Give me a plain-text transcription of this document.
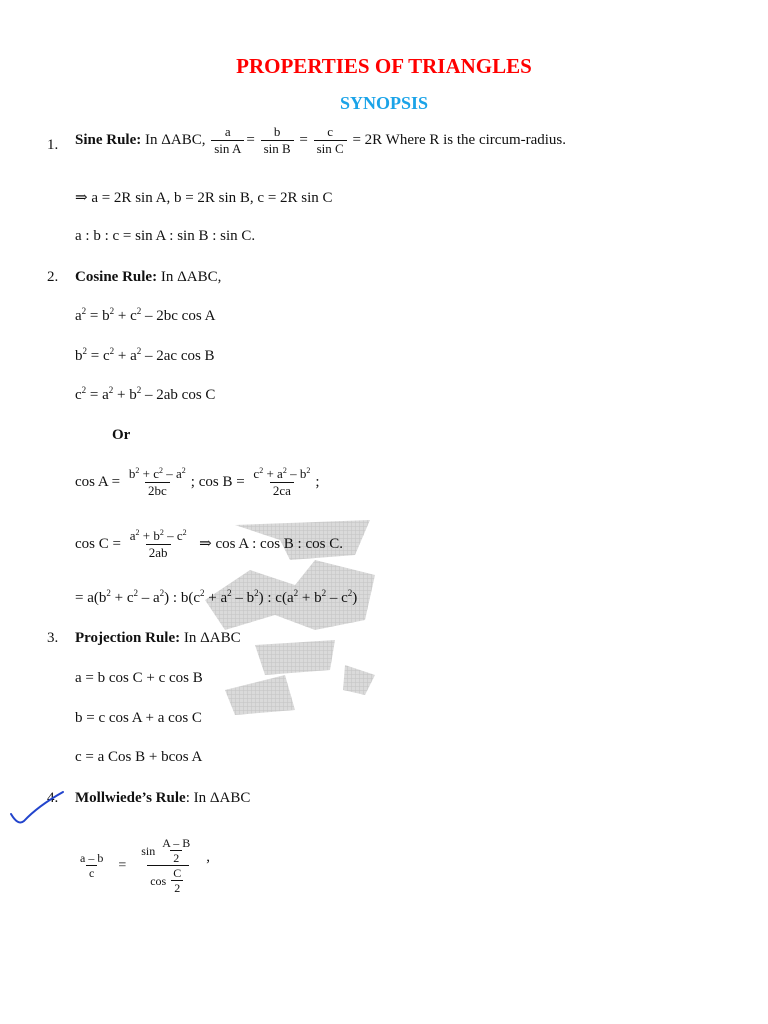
PROPERTIES OF TRIANGLES
SYNOPSIS
1. Sine Rule: In ΔABC, $\frac{a}{\text{sin A}} = \frac{b}{\text{sin B}} = \frac{c}{\text{sin C}} = 2R$ Where R is the circum-radius.
⇒ a = 2R sin A, b = 2R sin B, c = 2R sin C
a : b : c = sin A : sin B : sin C.
2. Cosine Rule: In ΔABC,
$a^2 = b^2 + c^2 - 2bc$ cos A
$b^2 = c^2 + a^2 - 2ac$ cos B
$c^2 = a^2 + b^2 - 2ab$ cos C
Or
$\cos A = \frac{b^2 + c^2 - a^2}{2bc}$ ; $\cos B = \frac{c^2 + a^2 - b^2}{2ca}$ ;
$\cos C = \frac{a^2 + b^2 - c^2}{2ab}$ ⇒ cos A : cos B : cos C.
= $a(b^2 + c^2 - a^2)$ : $b(c^2 + a^2 - b^2)$ : $c(a^2 + b^2 - c^2)$
3. Projection Rule: In ΔABC
a = b cos C + c cos B
b = c cos A + a cos C
c = a Cos B + bcos A
4. Mollwiede’s Rule: In ΔABC
$\frac{a - b}{c} = \frac{\sin \frac{A - B}{2}}{\cos \frac{C}{2}}$ ,
